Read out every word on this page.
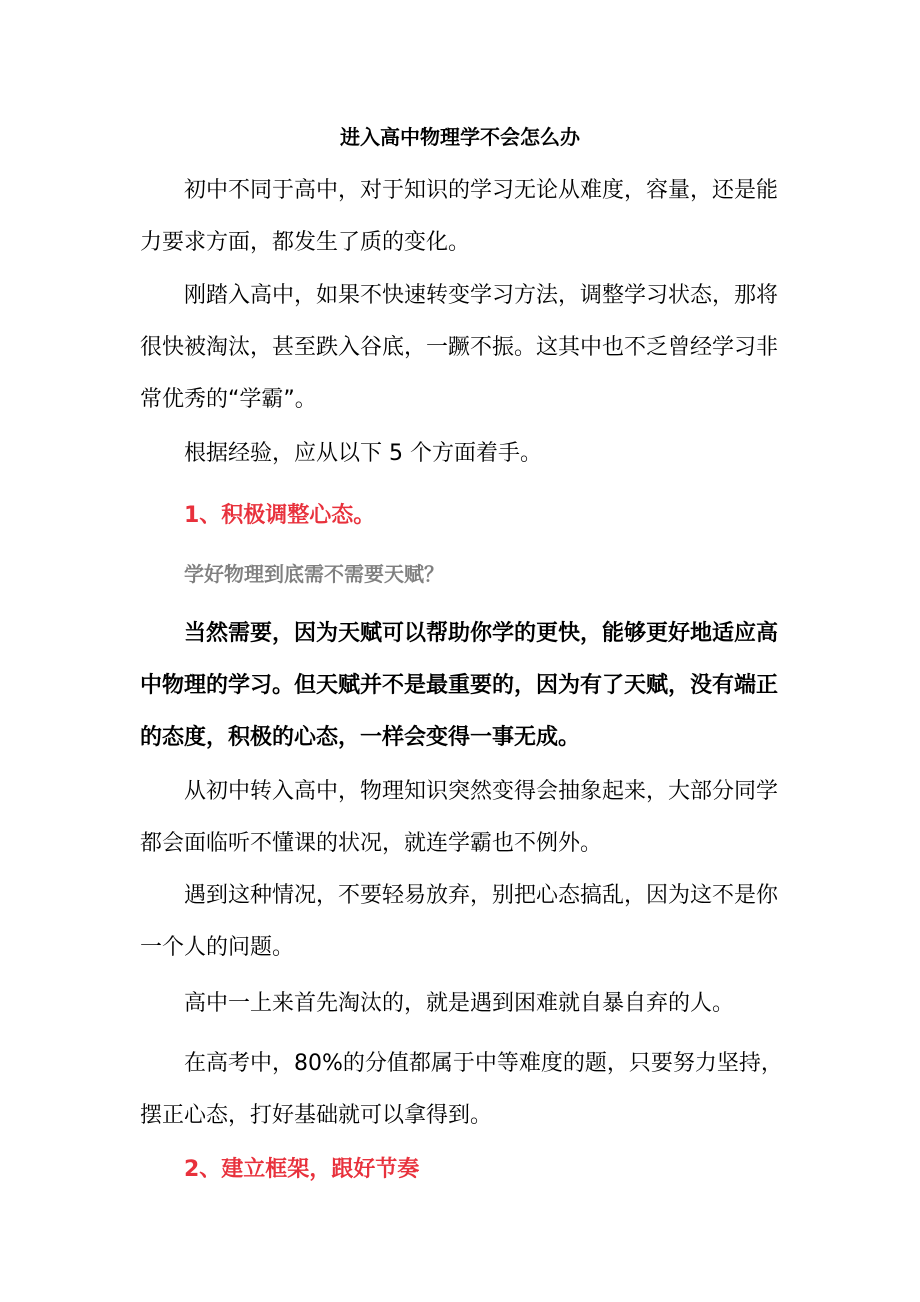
进入高中物理学不会怎么办

初中不同于高中，对于知识的学习无论从难度，容量，还是能力要求方面，都发生了质的变化。

刚踏入高中，如果不快速转变学习方法，调整学习状态，那将很快被淘汰，甚至跌入谷底，一蹶不振。这其中也不乏曾经学习非常优秀的“学霸”。

根据经验，应从以下 5 个方面着手。

1、积极调整心态。

学好物理到底需不需要天赋？

当然需要，因为天赋可以帮助你学的更快，能够更好地适应高中物理的学习。但天赋并不是最重要的，因为有了天赋，没有端正的态度，积极的心态，一样会变得一事无成。

从初中转入高中，物理知识突然变得会抽象起来，大部分同学都会面临听不懂课的状况，就连学霸也不例外。

遇到这种情况，不要轻易放弃，别把心态搞乱，因为这不是你一个人的问题。

高中一上来首先淘汰的，就是遇到困难就自暴自弃的人。

在高考中，80%的分值都属于中等难度的题，只要努力坚持，摆正心态，打好基础就可以拿得到。

2、建立框架，跟好节奏
